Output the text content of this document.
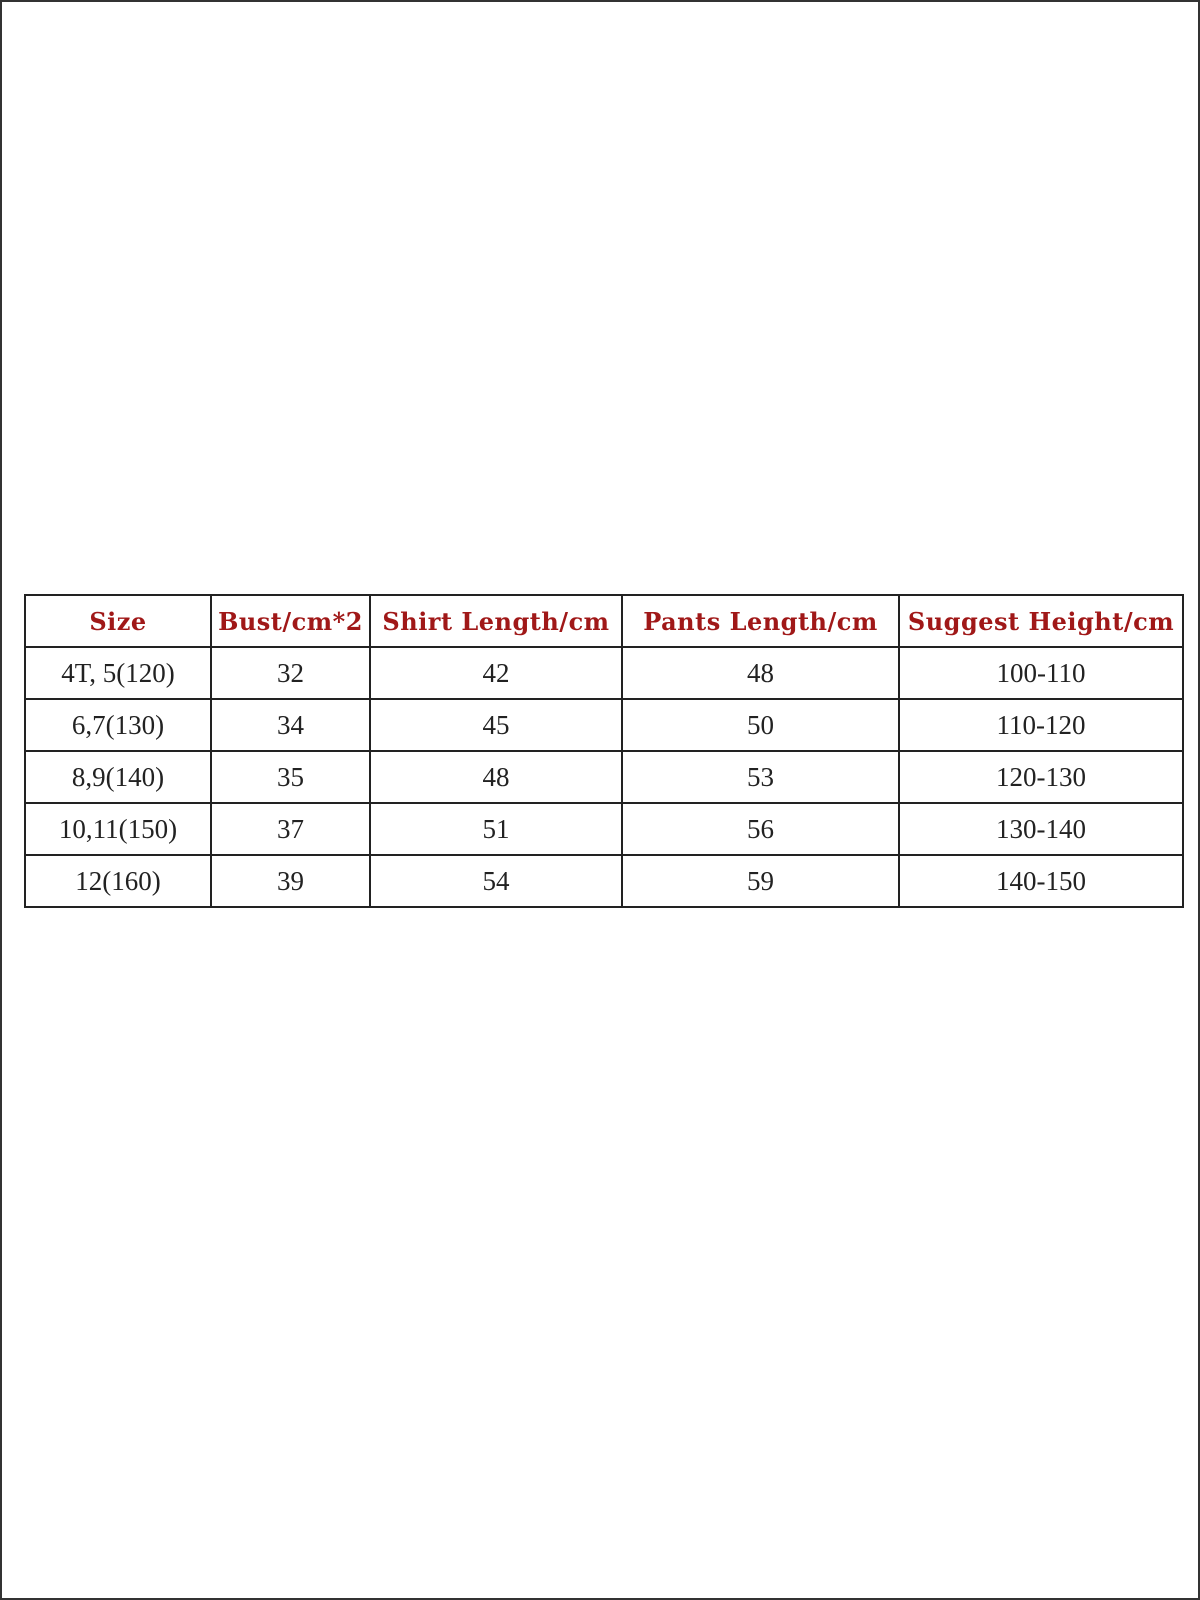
Size	Bust/cm*2	Shirt Length/cm	Pants Length/cm	Suggest Height/cm
4T, 5(120)	32	42	48	100-110
6,7(130)	34	45	50	110-120
8,9(140)	35	48	53	120-130
10,11(150)	37	51	56	130-140
12(160)	39	54	59	140-150
